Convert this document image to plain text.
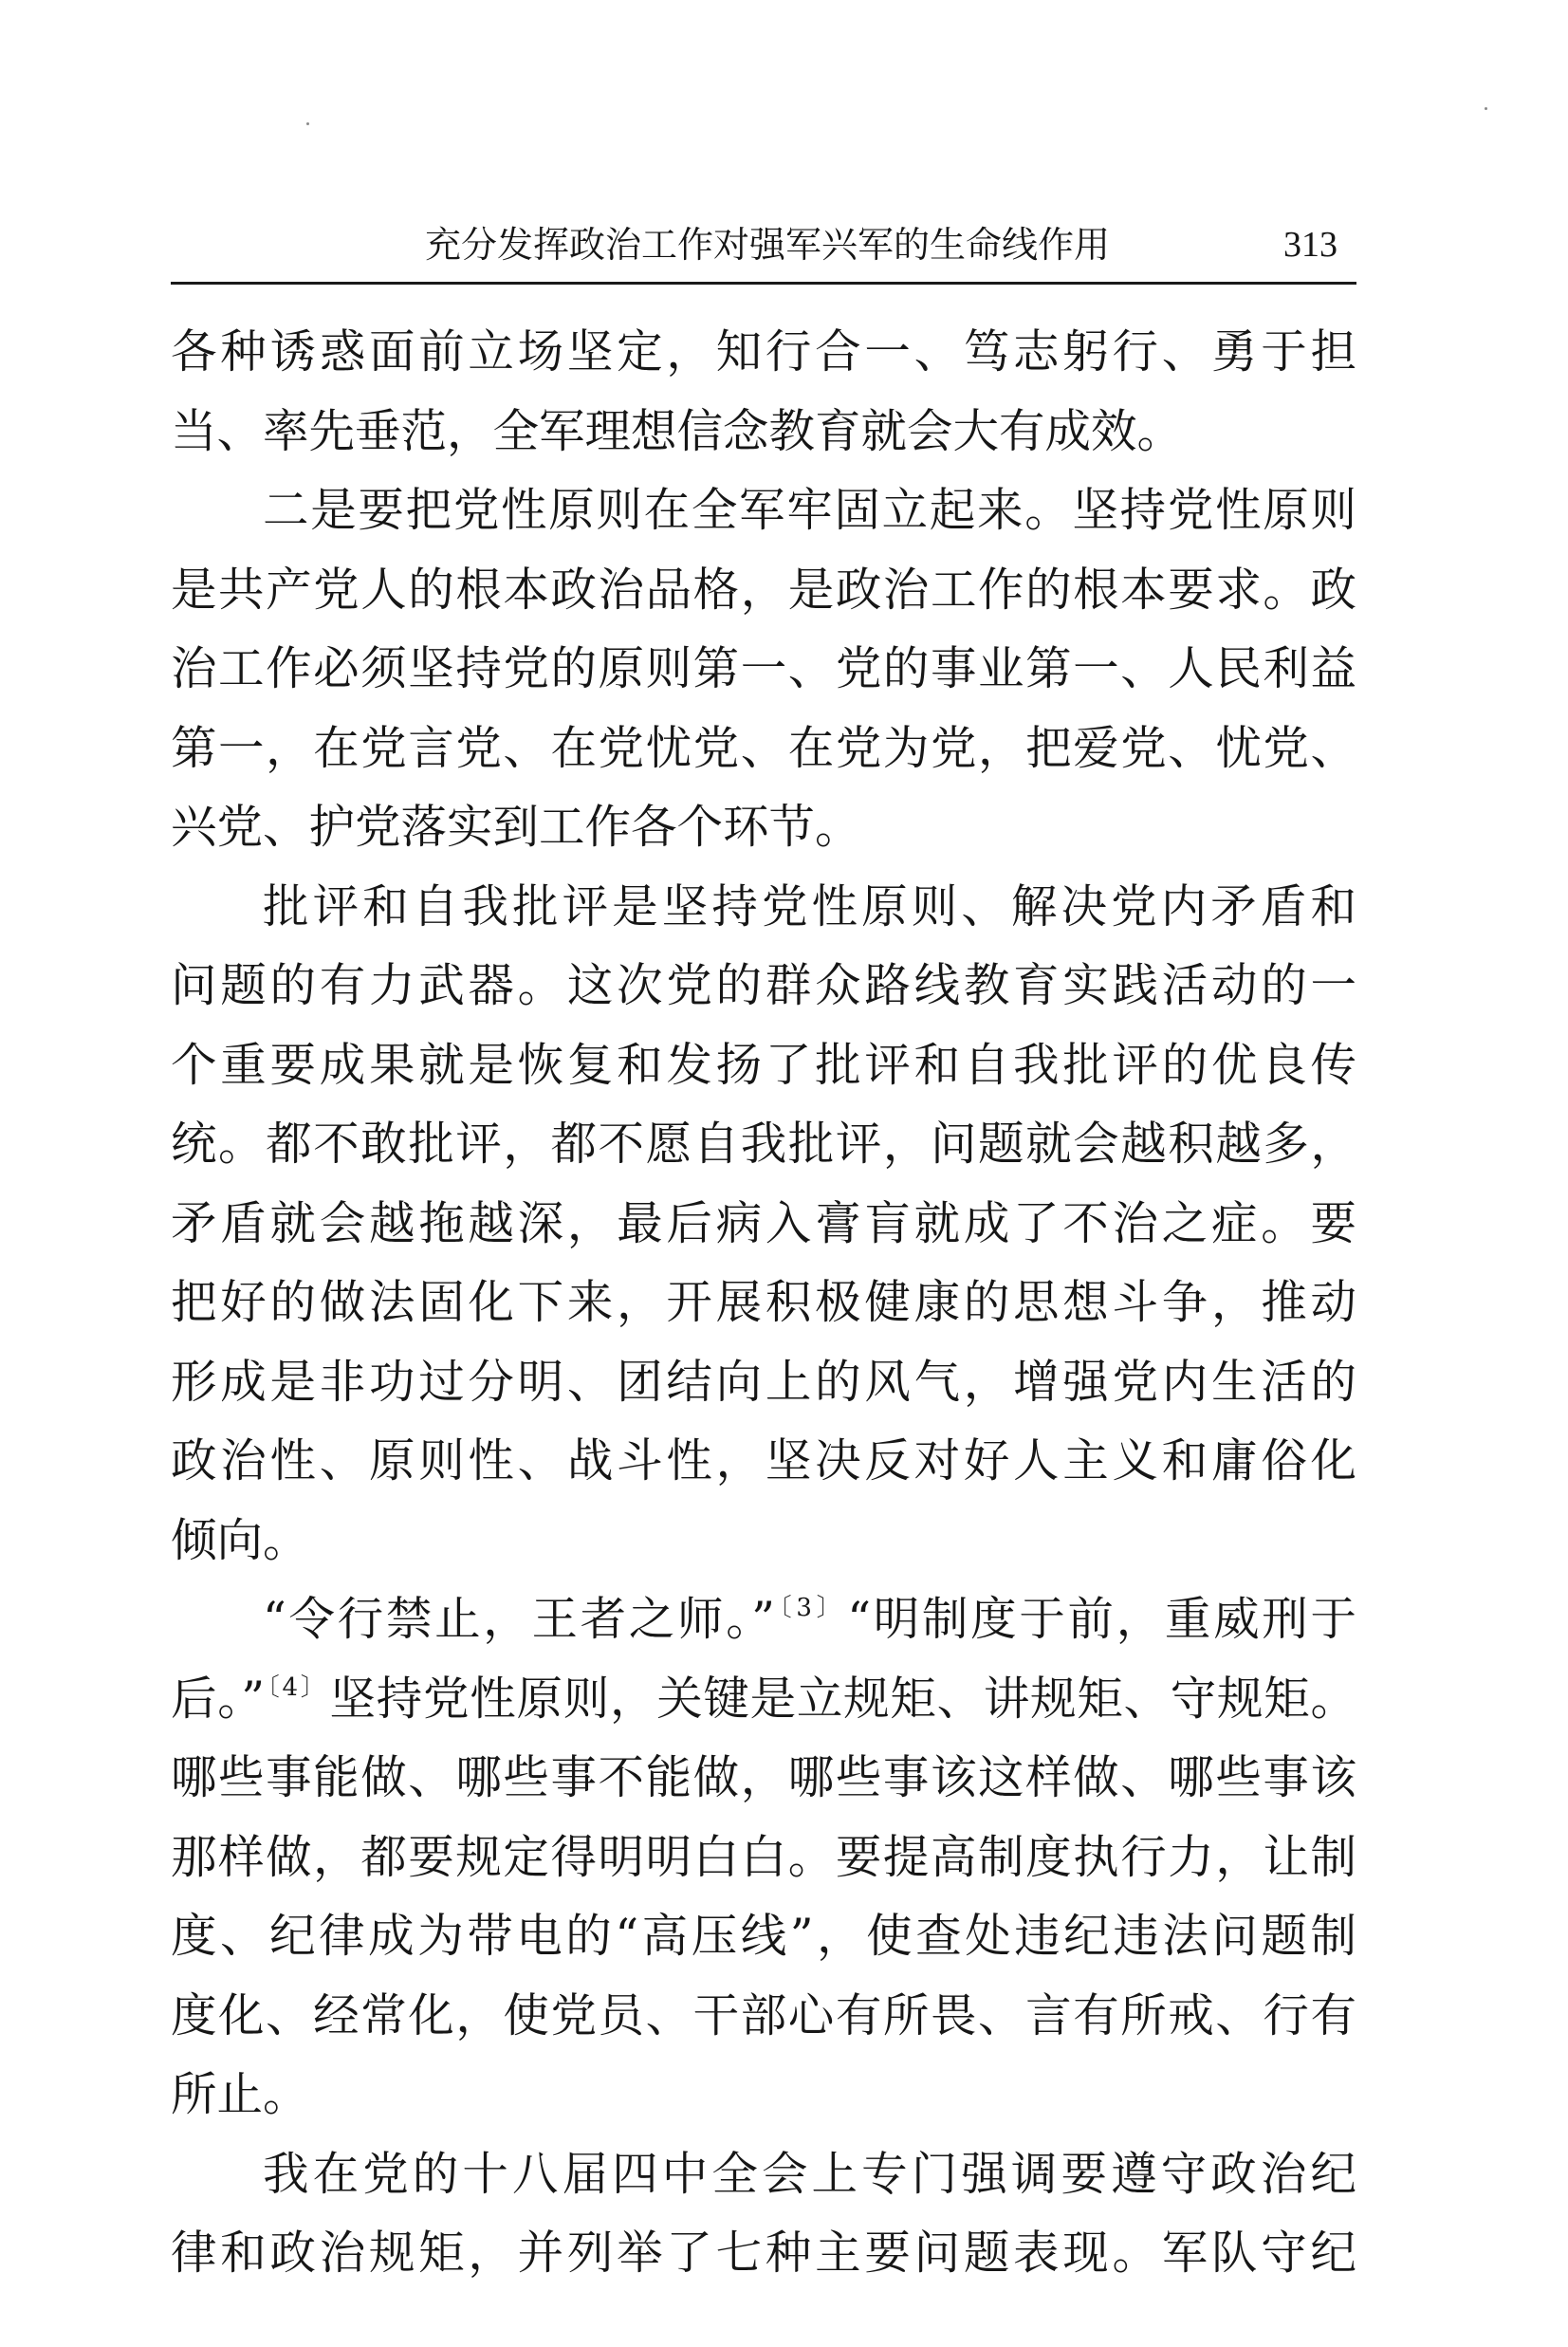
充分发挥政治工作对强军兴军的生命线作用	313
各种诱惑面前立场坚定，知行合一、笃志躬行、勇于担
当、率先垂范，全军理想信念教育就会大有成效。
二是要把党性原则在全军牢固立起来。坚持党性原则
是共产党人的根本政治品格，是政治工作的根本要求。政
治工作必须坚持党的原则第一、党的事业第一、人民利益
第一，在党言党、在党忧党、在党为党，把爱党、忧党、
兴党、护党落实到工作各个环节。
批评和自我批评是坚持党性原则、解决党内矛盾和
问题的有力武器。这次党的群众路线教育实践活动的一
个重要成果就是恢复和发扬了批评和自我批评的优良传
统。都不敢批评，都不愿自我批评，问题就会越积越多，
矛盾就会越拖越深，最后病入膏肓就成了不治之症。要
把好的做法固化下来，开展积极健康的思想斗争，推动
形成是非功过分明、团结向上的风气，增强党内生活的
政治性、原则性、战斗性，坚决反对好人主义和庸俗化
倾向。
“令行禁止，王者之师。”$^{〔3〕}$“明制度于前，重威刑于
后。”$^{〔4〕}$坚持党性原则，关键是立规矩、讲规矩、守规矩。
哪些事能做、哪些事不能做，哪些事该这样做、哪些事该
那样做，都要规定得明明白白。要提高制度执行力，让制
度、纪律成为带电的“高压线”，使查处违纪违法问题制
度化、经常化，使党员、干部心有所畏、言有所戒、行有
所止。
我在党的十八届四中全会上专门强调要遵守政治纪
律和政治规矩，并列举了七种主要问题表现。军队守纪
